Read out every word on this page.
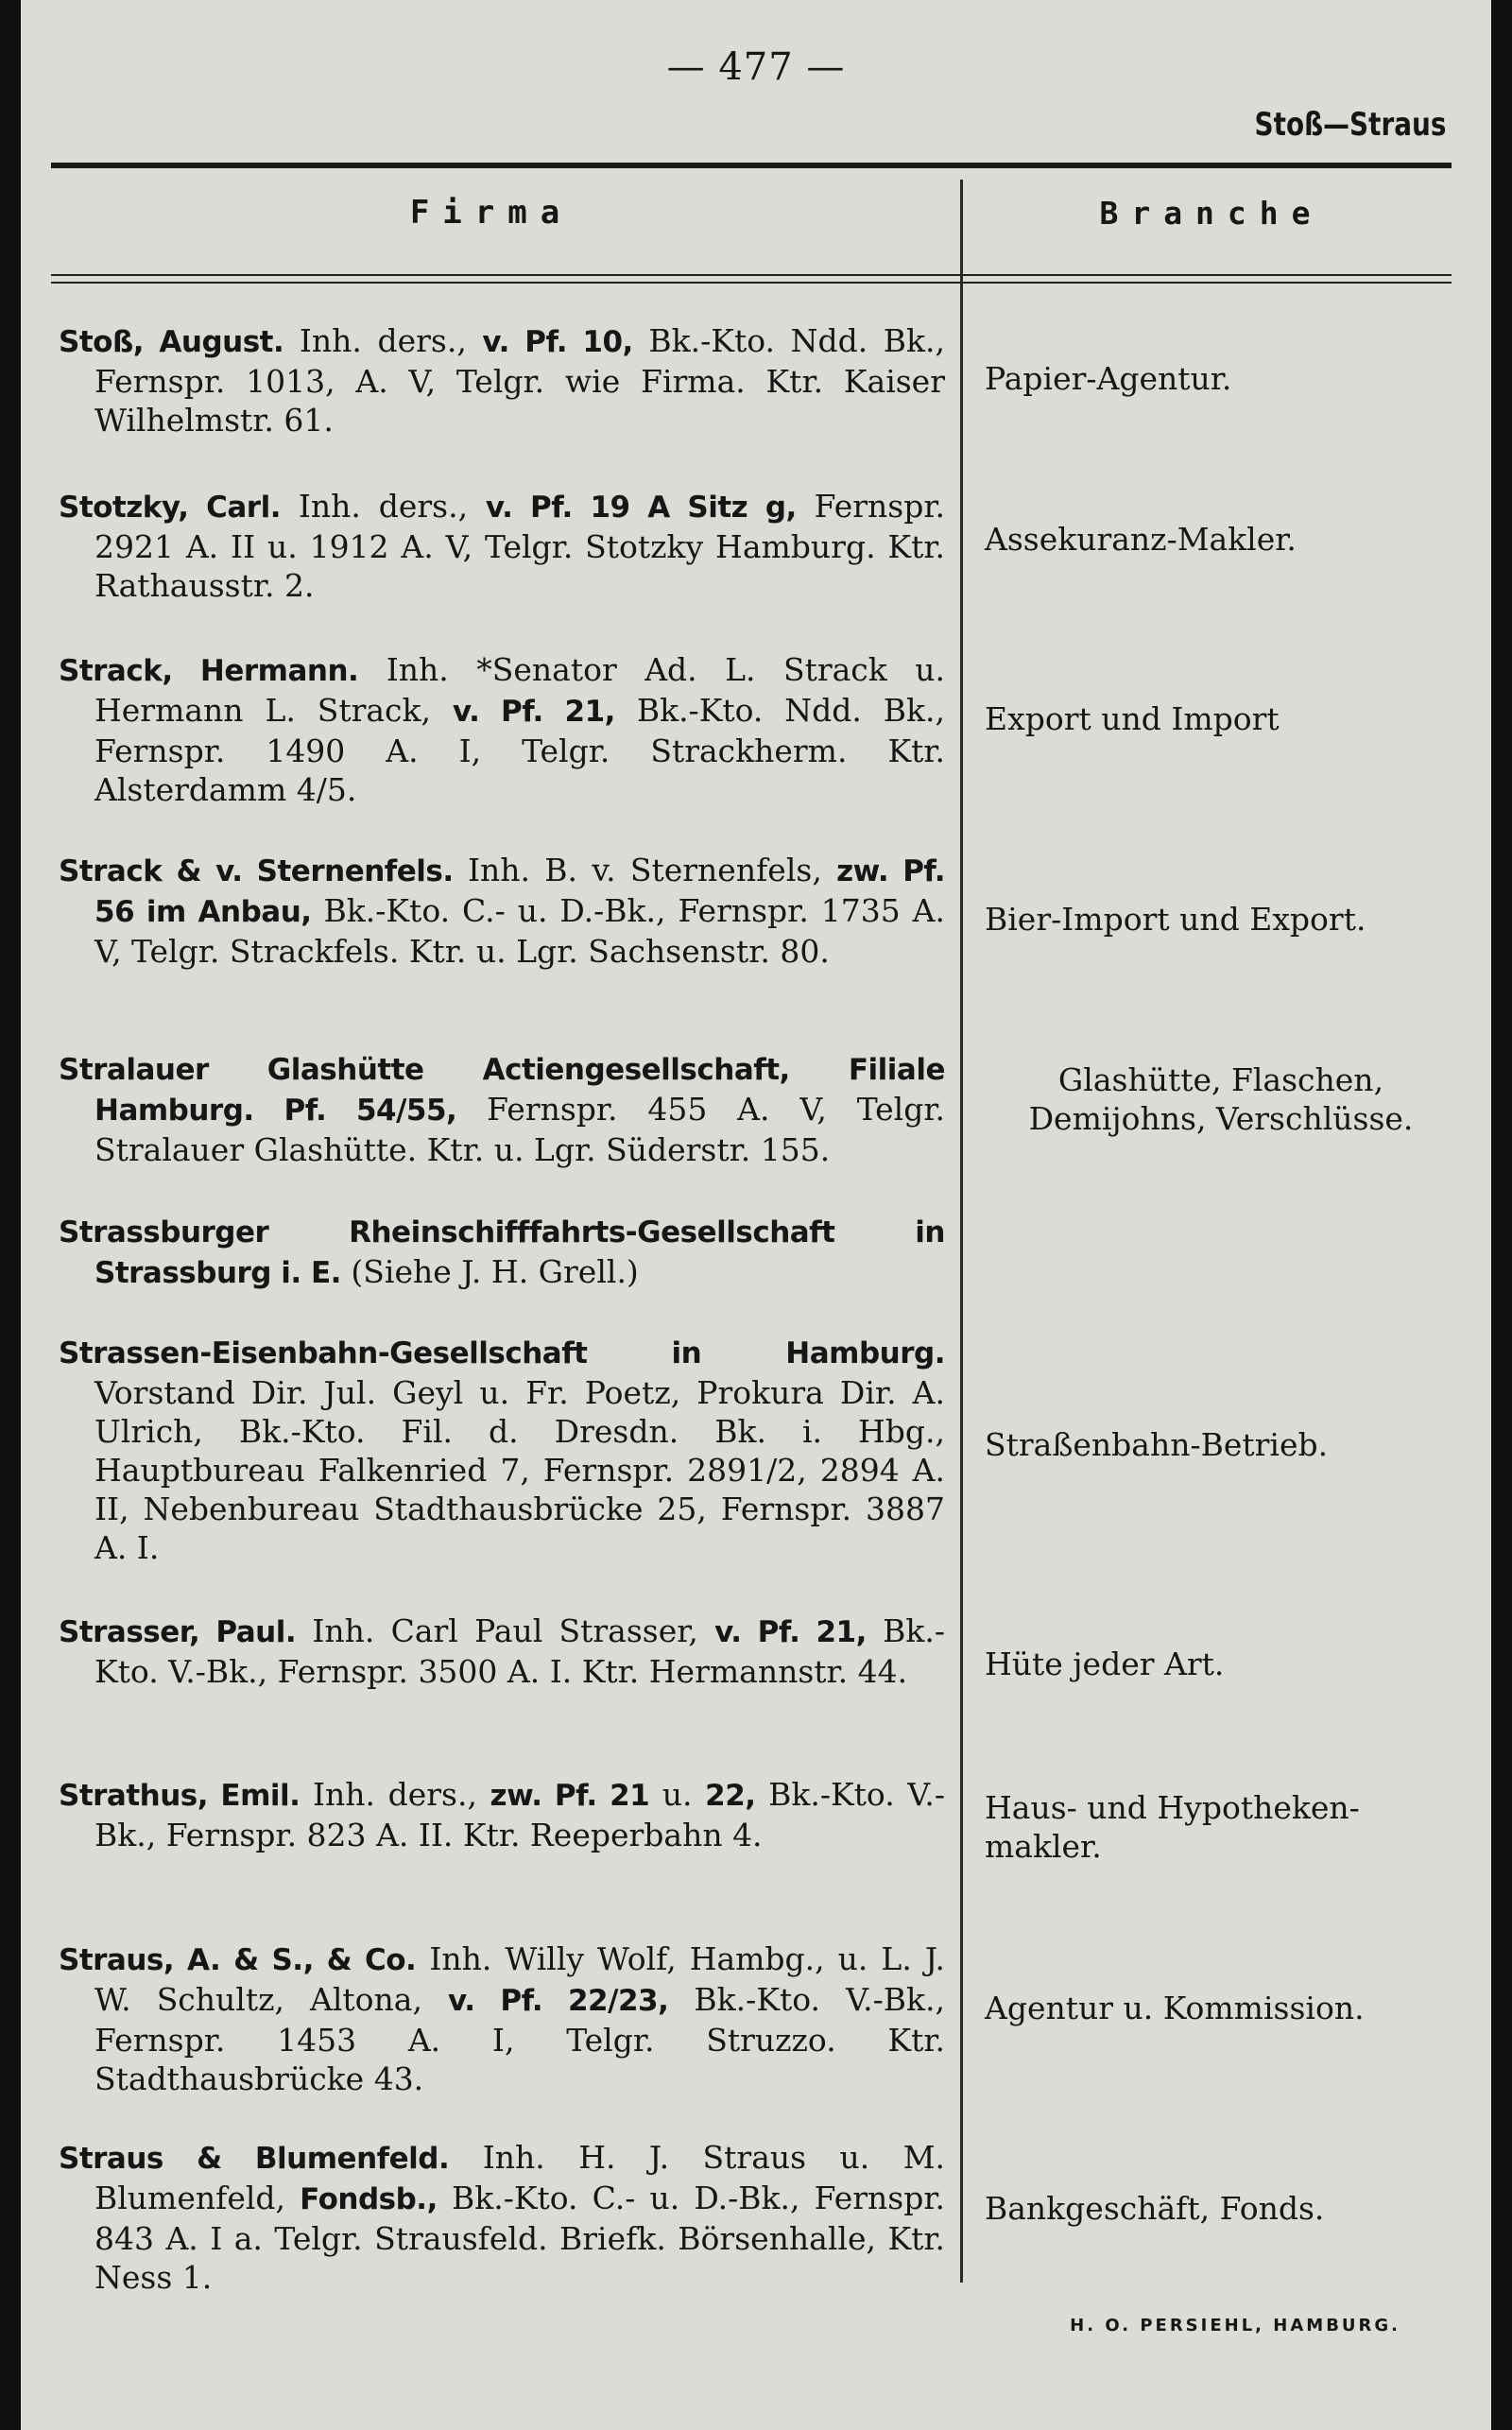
— 477 —
Stoß—Straus
Firma	Branche
Stoß, August. Inh. ders., v. Pf. 10, Bk.-Kto. Ndd. Bk., Fernspr. 1013, A. V, Telgr. wie Firma. Ktr. Kaiser Wilhelmstr. 61.
Papier-Agentur.
Stotzky, Carl. Inh. ders., v. Pf. 19 A Sitz g, Fernspr. 2921 A. II u. 1912 A. V, Telgr. Stotzky Hamburg. Ktr. Rathausstr. 2.
Assekuranz-Makler.
Strack, Hermann. Inh. *Senator Ad. L. Strack u. Hermann L. Strack, v. Pf. 21, Bk.-Kto. Ndd. Bk., Fernspr. 1490 A. I, Telgr. Strackherm. Ktr. Alsterdamm 4/5.
Export und Import
Strack & v. Sternenfels. Inh. B. v. Sternenfels, zw. Pf. 56 im Anbau, Bk.-Kto. C.- u. D.-Bk., Fernspr. 1735 A. V, Telgr. Strackfels. Ktr. u. Lgr. Sachsenstr. 80.
Bier-Import und Export.
Stralauer Glashütte Actiengesellschaft, Filiale Hamburg. Pf. 54/55, Fernspr. 455 A. V, Telgr. Stralauer Glashütte. Ktr. u. Lgr. Süderstr. 155.
Glashütte, Flaschen, Demijohns, Verschlüsse.
Strassburger Rheinschifffahrts-Gesellschaft in Strassburg i. E. (Siehe J. H. Grell.)
Strassen-Eisenbahn-Gesellschaft in Hamburg. Vorstand Dir. Jul. Geyl u. Fr. Poetz, Prokura Dir. A. Ulrich, Bk.-Kto. Fil. d. Dresdn. Bk. i. Hbg., Hauptbureau Falkenried 7, Fernspr. 2891/2, 2894 A. II, Nebenbureau Stadthausbrücke 25, Fernspr. 3887 A. I.
Straßenbahn-Betrieb.
Strasser, Paul. Inh. Carl Paul Strasser, v. Pf. 21, Bk.-Kto. V.-Bk., Fernspr. 3500 A. I. Ktr. Hermannstr. 44.	Hüte jeder Art.
Strathus, Emil. Inh. ders., zw. Pf. 21 u. 22, Bk.-Kto. V.-Bk., Fernspr. 823 A. II. Ktr. Reeperbahn 4.
Haus- und Hypotheken-makler.
Straus, A. & S., & Co. Inh. Willy Wolf, Hambg., u. L. J. W. Schultz, Altona, v. Pf. 22/23, Bk.-Kto. V.-Bk., Fernspr. 1453 A. I, Telgr. Struzzo. Ktr. Stadthausbrücke 43.
Agentur u. Kommission.
Straus & Blumenfeld. Inh. H. J. Straus u. M. Blumenfeld, Fondsb., Bk.-Kto. C.- u. D.-Bk., Fernspr. 843 A. I a. Telgr. Strausfeld. Briefk. Börsenhalle, Ktr. Ness 1.
Bankgeschäft, Fonds.
H. O. PERSIEHL, HAMBURG.
